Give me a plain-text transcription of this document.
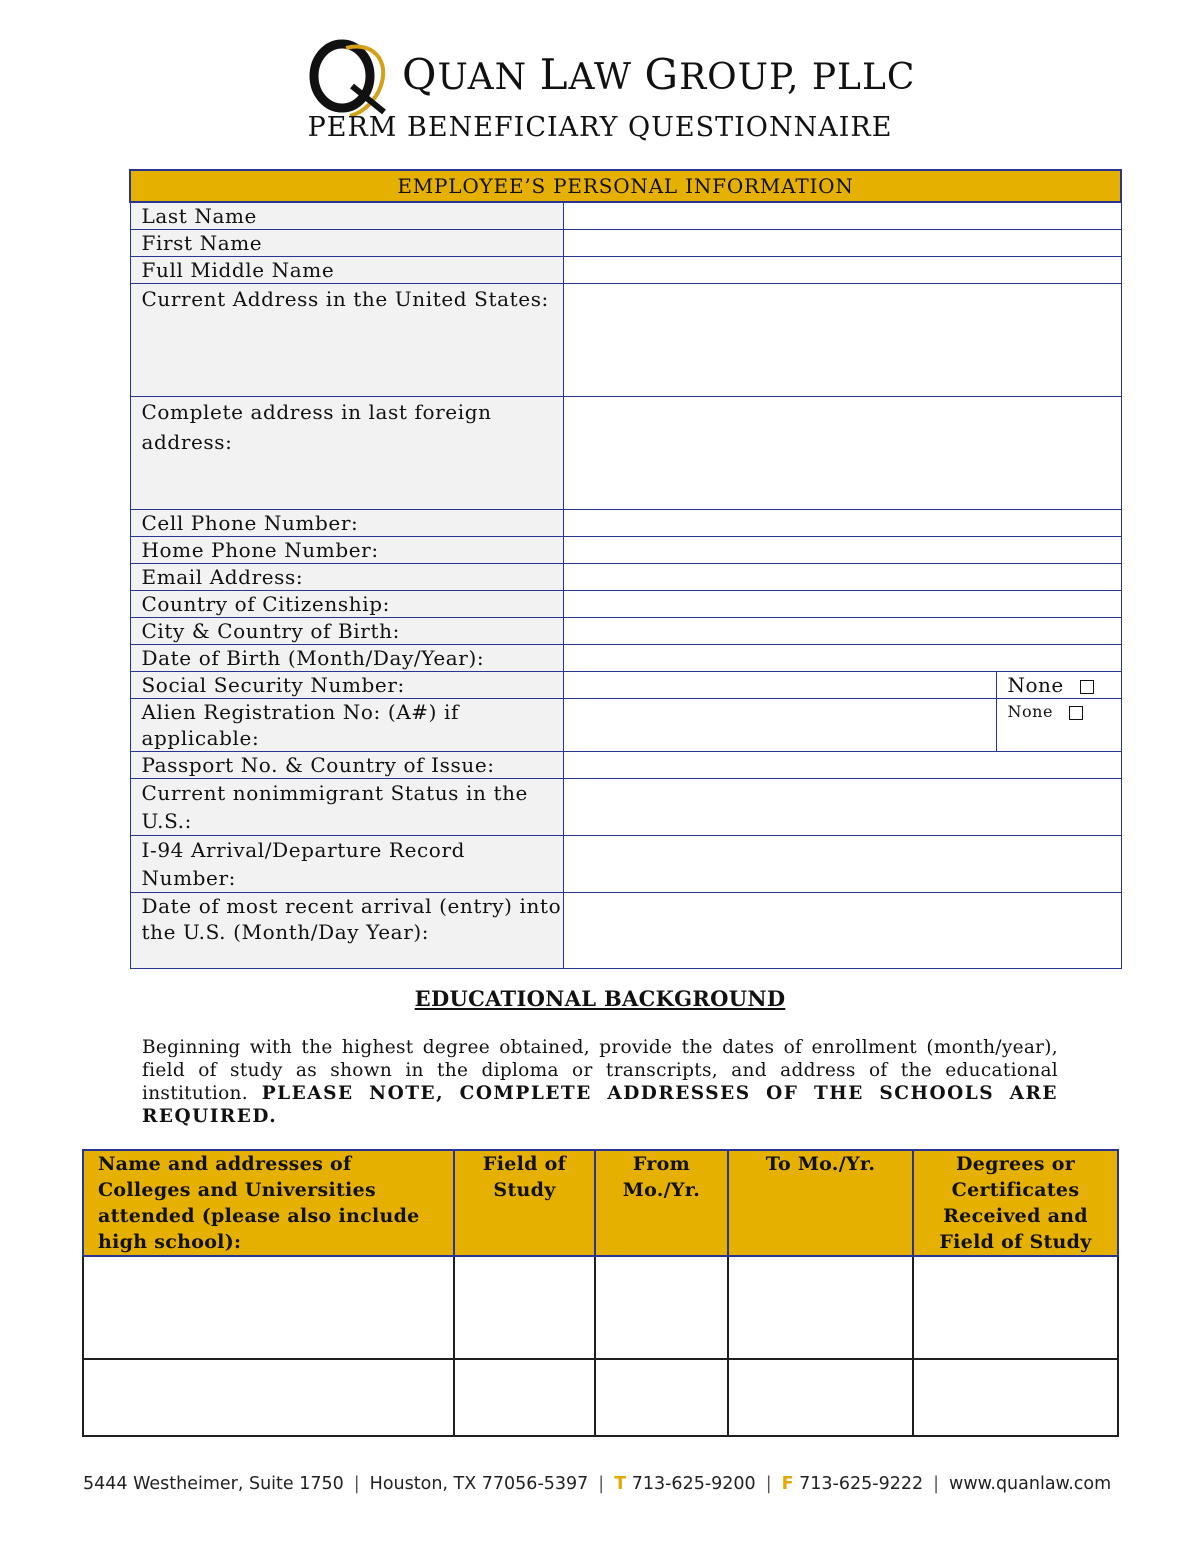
QUAN LAW GROUP, PLLC
PERM BENEFICIARY QUESTIONNAIRE
EMPLOYEE’S PERSONAL INFORMATION		
Last Name		
First Name		
Full Middle Name		
Current Address in the United States:		
Complete address in last foreign address:		
Cell Phone Number:		
Home Phone Number:		
Email Address:		
Country of Citizenship:		
City & Country of Birth:		
Date of Birth (Month/Day/Year):		
Social Security Number:		None
Alien Registration No: (A#) if applicable:		None
Passport No. & Country of Issue:		
Current nonimmigrant Status in the U.S.:		
I-94 Arrival/Departure Record Number:		
Date of most recent arrival (entry) into the U.S. (Month/Day Year):		
EDUCATIONAL BACKGROUND

Beginning with the highest degree obtained, provide the dates of enrollment (month/year), field of study as shown in the diploma or transcripts, and address of the educational institution. PLEASE NOTE, COMPLETE ADDRESSES OF THE SCHOOLS ARE REQUIRED.

Name and addresses of Colleges and Universities attended (please also include high school):	Field of Study	From Mo./Yr.	To Mo./Yr.	Degrees or Certificates Received and Field of Study

5444 Westheimer, Suite 1750 | Houston, TX 77056-5397 | T 713-625-9200 | F 713-625-9222 | www.quanlaw.com
